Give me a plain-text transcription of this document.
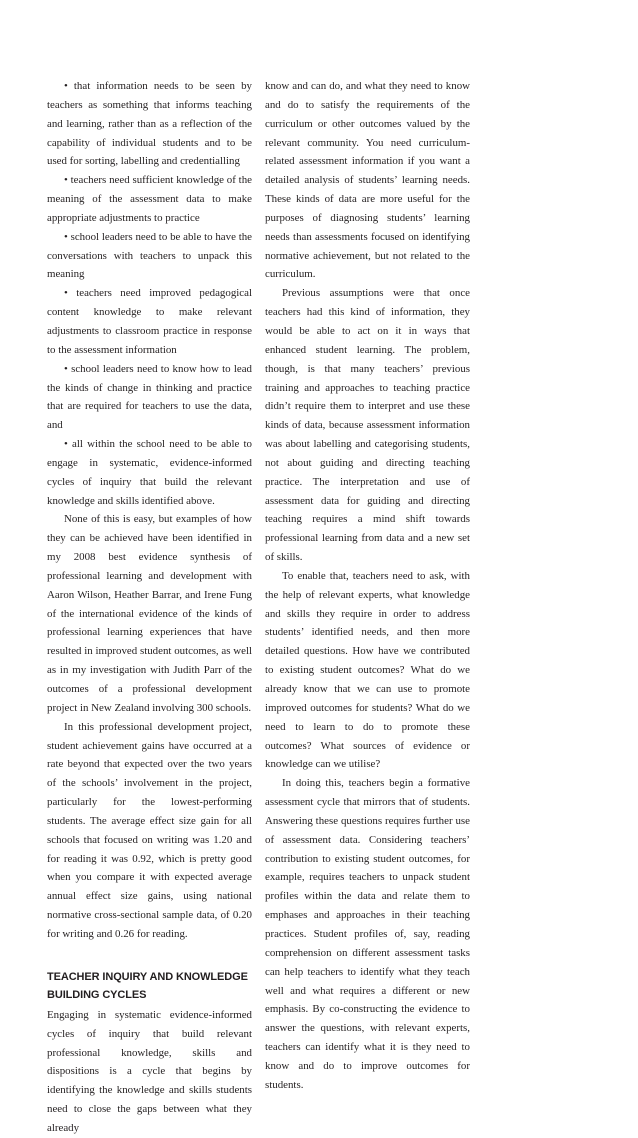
• that information needs to be seen by teachers as something that informs teaching and learning, rather than as a reflection of the capability of individual students and to be used for sorting, labelling and credentialling

• teachers need sufficient knowledge of the meaning of the assessment data to make appropriate adjustments to practice

• school leaders need to be able to have the conversations with teachers to unpack this meaning

• teachers need improved pedagogical content knowledge to make relevant adjustments to classroom practice in response to the assessment information

• school leaders need to know how to lead the kinds of change in thinking and practice that are required for teachers to use the data, and

• all within the school need to be able to engage in systematic, evidence-informed cycles of inquiry that build the relevant knowledge and skills identified above.

None of this is easy, but examples of how they can be achieved have been identified in my 2008 best evidence synthesis of professional learning and development with Aaron Wilson, Heather Barrar, and Irene Fung of the international evidence of the kinds of professional learning experiences that have resulted in improved student outcomes, as well as in my investigation with Judith Parr of the outcomes of a professional development project in New Zealand involving 300 schools.

In this professional development project, student achievement gains have occurred at a rate beyond that expected over the two years of the schools’ involvement in the project, particularly for the lowest-performing students. The average effect size gain for all schools that focused on writing was 1.20 and for reading it was 0.92, which is pretty good when you compare it with expected average annual effect size gains, using national normative cross-sectional sample data, of 0.20 for writing and 0.26 for reading.

TEACHER INQUIRY AND KNOWLEDGE BUILDING CYCLES

Engaging in systematic evidence-informed cycles of inquiry that build relevant professional knowledge, skills and dispositions is a cycle that begins by identifying the knowledge and skills students need to close the gaps between what they already

know and can do, and what they need to know and do to satisfy the requirements of the curriculum or other outcomes valued by the relevant community. You need curriculum-related assessment information if you want a detailed analysis of students’ learning needs. These kinds of data are more useful for the purposes of diagnosing students’ learning needs than assessments focused on identifying normative achievement, but not related to the curriculum.

Previous assumptions were that once teachers had this kind of information, they would be able to act on it in ways that enhanced student learning. The problem, though, is that many teachers’ previous training and approaches to teaching practice didn’t require them to interpret and use these kinds of data, because assessment information was about labelling and categorising students, not about guiding and directing teaching practice. The interpretation and use of assessment data for guiding and directing teaching requires a mind shift towards professional learning from data and a new set of skills.

To enable that, teachers need to ask, with the help of relevant experts, what knowledge and skills they require in order to address students’ identified needs, and then more detailed questions. How have we contributed to existing student outcomes? What do we already know that we can use to promote improved outcomes for students? What do we need to learn to do to promote these outcomes? What sources of evidence or knowledge can we utilise?

In doing this, teachers begin a formative assessment cycle that mirrors that of students. Answering these questions requires further use of assessment data. Considering teachers’ contribution to existing student outcomes, for example, requires teachers to unpack student profiles within the data and relate them to emphases and approaches in their teaching practices. Student profiles of, say, reading comprehension on different assessment tasks can help teachers to identify what they teach well and what requires a different or new emphasis. By co-constructing the evidence to answer the questions, with relevant experts, teachers can identify what it is they need to know and do to improve outcomes for students.
